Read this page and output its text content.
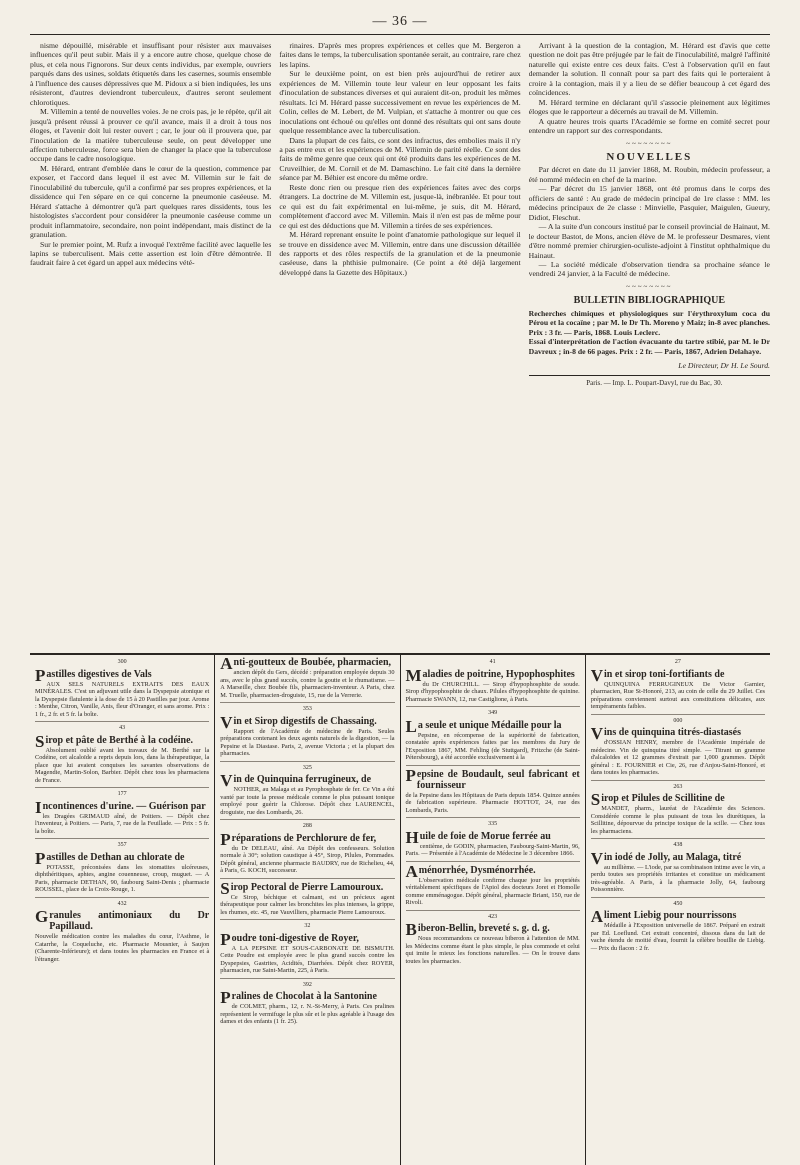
— 36 —

nisme dépouillé, misérable et insuffisant pour résister aux mauvaises influences qu'il peut subir. Mais il y a encore autre chose, quelque chose de plus, et cela nous l'ignorons. Sur deux cents individus, par exemple, ouvriers parqués dans des usines, soldats étiquetés dans les casernes, soumis ensemble à l'influence des causes dépressives que M. Pidoux a si bien indiquées, les uns résisteront, d'autres deviendront tuberculeux, d'autres seront seulement chlorotiques.

M. Villemin a tenté de nouvelles voies. Je ne crois pas, je le répète, qu'il ait jusqu'à présent réussi à prouver ce qu'il avance, mais il a droit à tous nos éloges, et l'avenir doit lui rester ouvert ; car, le jour où il prouvera que, par l'inoculation de la matière tuberculeuse seule, on peut développer une affection tuberculeuse, force sera bien de changer la place que la tuberculose occupe dans le cadre nosologique.

M. Hérard, entrant d'emblée dans le cœur de la question, commence par exposer, et l'accord dans lequel il est avec M. Villemin sur le fait de l'inoculabilité du tubercule, qu'il a confirmé par ses propres expériences, et la dissidence qui l'en sépare en ce qui concerne la pneumonie caséeuse. M. Hérard s'attache à démontrer qu'à part quelques rares dissidents, tous les histologistes s'accordent pour considérer la pneumonie caséeuse comme un produit inflammatoire, secondaire, non point indépendant, mais distinct de la granulation.

Sur le premier point, M. Rufz a invoqué l'extrême facilité avec laquelle les lapins se tuberculisent. Mais cette assertion est loin d'être démontrée. Il faudrait faire à cet égard un appel aux médecins vété-

rinaires. D'après mes propres expériences et celles que M. Bergeron a faites dans le temps, la tuberculisation spontanée serait, au contraire, rare chez les lapins.

Sur le deuxième point, on est bien près aujourd'hui de retirer aux expériences de M. Villemin toute leur valeur en leur opposant les faits d'inoculation de substances diverses et qui auraient dit-on, produit les mêmes résultats. Ici M. Hérard passe successivement en revue les expériences de M. Colin, celles de M. Lebert, de M. Vulpian, et s'attache à montrer ou que ces inoculations ont échoué ou qu'elles ont donné des résultats qui ont sans doute quelque ressemblance avec la tuberculisation.

Dans la plupart de ces faits, ce sont des infractus, des embolies mais il n'y a pas entre eux et les expériences de M. Villemin de parité réelle. Ce sont des faits de même genre que ceux qui ont été produits dans les expériences de M. Cruveilhier, de M. Cornil et de M. Damaschino. Le fait cité dans la dernière séance par M. Béhier est encore du même ordre.

Reste donc rien ou presque rien des expériences faites avec des corps étrangers. La doctrine de M. Villemin est, jusque-là, inébranlée. Et pour tout ce qui est du fait expérimental en lui-même, je suis, dit M. Hérard, complètement d'accord avec M. Villemin. Mais il n'en est pas de même pour ce qui est des déductions que M. Villemin a tirées de ses expériences.

M. Hérard reprenant ensuite le point d'anatomie pathologique sur lequel il se trouve en dissidence avec M. Villemin, entre dans une discussion détaillée des rapports et des rôles respectifs de la granulation et de la pneumonie caséeuse, dans la phthisie pulmonaire. (Ce point a été déjà largement développé dans la Gazette des Hôpitaux.)

Arrivant à la question de la contagion, M. Hérard est d'avis que cette question ne doit pas être préjugée par le fait de l'inoculabilité, malgré l'affinité naturelle qui existe entre ces deux faits. C'est à l'observation qu'il en faut demander la solution. Il connaît pour sa part des faits qui le porteraient à croire à la contagion, mais il y a lieu de se défier beaucoup à cet égard des coïncidences.

M. Hérard termine en déclarant qu'il s'associe pleinement aux légitimes éloges que le rapporteur a décernés au travail de M. Villemin.

A quatre heures trois quarts l'Académie se forme en comité secret pour entendre un rapport sur des correspondants.

~~~~~~~~
NOUVELLES

Par décret en date du 11 janvier 1868, M. Roubin, médecin professeur, a été nommé médecin en chef de la marine.

— Par décret du 15 janvier 1868, ont été promus dans le corps des officiers de santé : Au grade de médecin principal de 1re classe : MM. les médecins principaux de 2e classe : Minvielle, Pasquier, Maigulen, Gueury, Didiot, Fleschut.

— A la suite d'un concours institué par le conseil provincial de Hainaut, M. le docteur Bastot, de Mons, ancien élève de M. le professeur Desmares, vient d'être nommé premier chirurgien-oculiste-adjoint à l'institut ophthalmique du Hainaut.

— La société médicale d'observation tiendra sa prochaine séance le vendredi 24 janvier, à la Faculté de médecine.

~~~~~~~~
BULLETIN BIBLIOGRAPHIQUE

Recherches chimiques et physiologiques sur l'érythroxylum coca du Pérou et la cocaïne ; par M. le Dr Th. Moreno y Maiz; in-8 avec planches. Prix : 3 fr. — Paris, 1868. Louis Leclerc.

Essai d'interprétation de l'action évacuante du tartre stibié, par M. le Dr Davreux ; in-8 de 66 pages. Prix : 2 fr. — Paris, 1867, Adrien Delahaye.

Le Directeur, Dr H. Le Sourd.

Paris. — Imp. L. Poupart-Davyl, rue du Bac, 30.

300
Pastilles digestives de Vals

AUX SELS NATURELS EXTRAITS DES EAUX MINÉRALES. C'est un adjuvant utile dans la Dyspepsie atonique et la Dyspepsie flatulente à la dose de 15 à 20 Pastilles par jour. Arome : Menthe, Citron, Vanille, Anis, fleur d'Oranger, et sans arome. Prix : 1 fr., 2 fr. et 5 fr. la boîte.

43
Sirop et pâte de Berthé à la codéine.

Absolument oublié avant les travaux de M. Berthé sur la Codéine, cet alcaloïde a repris depuis lors, dans la thérapeutique, la place que lui avaient conquises les savantes observations de Magendie, Martin-Solon, Barbier. Dépôt chez tous les pharmaciens de France.

177
Incontinences d'urine. — Guérison par

les Dragées GRIMAUD aîné, de Poitiers. — Dépôt chez l'inventeur, à Poitiers. — Paris, 7, rue de la Feuillade. — Prix : 5 fr. la boîte.

357
Pastilles de Dethan au chlorate de

POTASSE, préconisées dans les stomatites ulcéreuses, diphthéritiques, aphtes, angine couenneuse, croup, muguet. — A Paris, pharmacie DETHAN, 90, faubourg Saint-Denis ; pharmacie ROUSSEL, place de la Croix-Rouge, 1.

432
Granules antimoniaux du Dr Papillaud.

Nouvelle médication contre les maladies du cœur, l'Asthme, le Catarrhe, la Coqueluche, etc. Pharmacie Mousnier, à Saujon (Charente-Inférieure); et dans toutes les pharmacies en France et à l'étranger.

Anti-goutteux de Boubée, pharmacien,

ancien dépôt du Gers, décédé : préparation employée depuis 30 ans, avec le plus grand succès, contre la goutte et le rhumatisme. — A Marseille, chez Boubée fils, pharmacien-inventeur. A Paris, chez M. Truelle, pharmacien-droguiste, 15, rue de la Verrerie.

353
Vin et Sirop digestifs de Chassaing.

Rapport de l'Académie de médecine de Paris. Seules préparations contenant les deux agents naturels de la digestion, — la Pepsine et la Diastase. Paris, 2, avenue Victoria ; et la plupart des pharmacies.

325
Vin de Quinquina ferrugineux, de

NOTHER, au Malaga et au Pyrophosphate de fer. Ce Vin a été vanté par toute la presse médicale comme le plus puissant tonique employé pour guérir la Chlorose. Dépôt chez LAURENCEL, droguiste, rue des Lombards, 26.

288
Préparations de Perchlorure de fer,

du Dr DELEAU, aîné. Au Dépôt des confesseurs. Solution normale à 30°; solution caustique à 45°, Sirop, Pilules, Pommades. Dépôt général, ancienne pharmacie BAUDRY, rue de Richelieu, 44, à Paris, G. KOCH, successeur.

Sirop Pectoral de Pierre Lamouroux.

Ce Sirop, béchique et calmant, est un précieux agent thérapeutique pour calmer les bronchites les plus intenses, la grippe, les rhumes, etc. 45, rue Vauvilliers, pharmacie Pierre Lamouroux.

32
Poudre toni-digestive de Royer,

A LA PEPSINE ET SOUS-CARBONATE DE BISMUTH. Cette Poudre est employée avec le plus grand succès contre les Dyspepsies, Gastrites, Acidités, Diarrhées. Dépôt chez ROYER, pharmacien, rue Saint-Martin, 225, à Paris.

392
Pralines de Chocolat à la Santonine

de COLMET, pharm., 12, r. N.-St-Merry, à Paris. Ces pralines représentent le vermifuge le plus sûr et le plus agréable à l'usage des dames et des enfants (1 fr. 25).

41
Maladies de poitrine, Hypophosphites

du Dr CHURCHILL. — Sirop d'hypophosphite de soude. Sirop d'hypophosphite de chaux. Pilules d'hypophosphite de quinine. Pharmacie SWANN, 12, rue Castiglione, à Paris.

349
La seule et unique Médaille pour la

Pepsine, en récompense de la supériorité de fabrication, constatée après expériences faites par les membres du Jury de l'Exposition 1867, MM. Fehling (de Stuttgard), Fritzche (de Saint-Pétersbourg), a été accordée exclusivement à la

Pepsine de Boudault, seul fabricant et fournisseur

de la Pepsine dans les Hôpitaux de Paris depuis 1854. Quinze années de fabrication supérieure. Pharmacie HOTTOT, 24, rue des Lombards, Paris.

335
Huile de foie de Morue ferrée au

centième, de GODIN, pharmacien, Faubourg-Saint-Martin, 96, Paris. — Présentée à l'Académie de Médecine le 3 décembre 1866.

Aménorrhée, Dysménorrhée.

L'observation médicale confirme chaque jour les propriétés véritablement spécifiques de l'Apiol des docteurs Joret et Homolle comme emménagogue. Dépôt général, pharmacie Briant, 150, rue de Rivoli.

423
Biberon-Bellin, breveté s. g. d. g.

Nous recommandons ce nouveau biberon à l'attention de MM. les Médecins comme étant le plus simple, le plus commode et celui qui imite le mieux les fonctions naturelles. — On le trouve dans toutes les pharmacies.

27
Vin et sirop toni-fortifiants de

QUINQUINA FERRUGINEUX De Victor Garnier, pharmacien, Rue St-Honoré, 213, au coin de celle du 29 Juillet. Ces préparations conviennent surtout aux constitutions délicates, aux tempéraments faibles.

000
Vins de quinquina titrés-diastasés

d'OSSIAN HENRY, membre de l'Académie impériale de médecine. Vin de quinquina titré simple. — Titrant un gramme d'alcaloïdes et 12 grammes d'extrait par 1,000 grammes. Dépôt général : E. FOURNIER et Cie, 26, rue d'Anjou-Saint-Honoré, et dans toutes les pharmacies.

263
Sirop et Pilules de Scillitine de

MANDET, pharm., lauréat de l'Académie des Sciences. Considérée comme le plus puissant de tous les diurétiques, la Scillitine, dépourvue du principe toxique de la scille. — Chez tous les pharmaciens.

438
Vin iodé de Jolly, au Malaga, titré

au millième. — L'iode, par sa combinaison intime avec le vin, a perdu toutes ses propriétés irritantes et constitue un médicament très-agréable. A Paris, à la pharmacie Jolly, 64, faubourg Poissonnière.

450
Aliment Liebig pour nourrissons

Médaille à l'Exposition universelle de 1867. Préparé en extrait par Ed. Loeflund. Cet extrait concentré, dissous dans du lait de vache étendu de moitié d'eau, fournit la célèbre bouillie de Liebig. — Prix du flacon : 2 fr.
